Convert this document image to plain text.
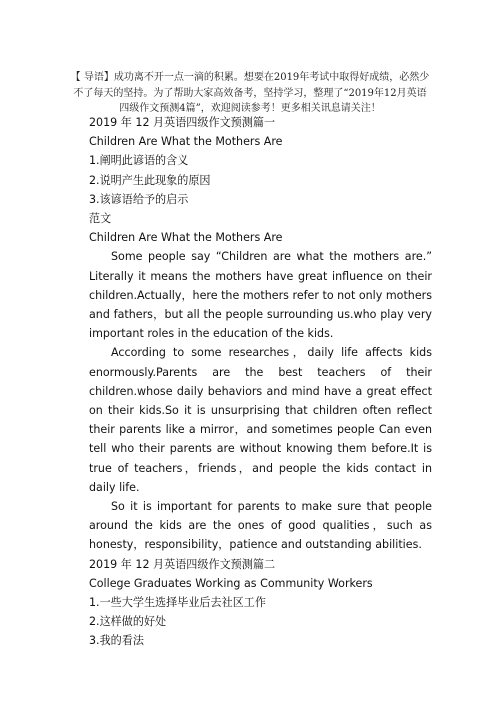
【 导语】成功离不开一点一滴的积累。想要在2019年考试中取得好成绩，必然少不了每天的坚持。为了帮助大家高效备考，坚持学习，整理了“2019年12月英语四级作文预测4篇”，欢迎阅读参考！更多相关讯息请关注！

2019 年 12 月英语四级作文预测篇一

Children Are What the Mothers Are

1.阐明此谚语的含义

2.说明产生此现象的原因

3.该谚语给予的启示

范文

Children Are What the Mothers Are

Some people say “Children are what the mothers are.” Literally it means the mothers have great influence on their children.Actually，here the mothers refer to not only mothers and fathers，but all the people surrounding us.who play very important roles in the education of the kids.

According to some researches，daily life affects kids enormously.Parents are the best teachers of their children.whose daily behaviors and mind have a great effect on their kids.So it is unsurprising that children often reflect their parents like a mirror，and sometimes people Can even tell who their parents are without knowing them before.It is true of teachers，friends，and people the kids contact in daily life.

So it is important for parents to make sure that people around the kids are the ones of good qualities，such as honesty，responsibility，patience and outstanding abilities.

2019 年 12 月英语四级作文预测篇二

College Graduates Working as Community Workers

1.一些大学生选择毕业后去社区工作

2.这样做的好处

3.我的看法
